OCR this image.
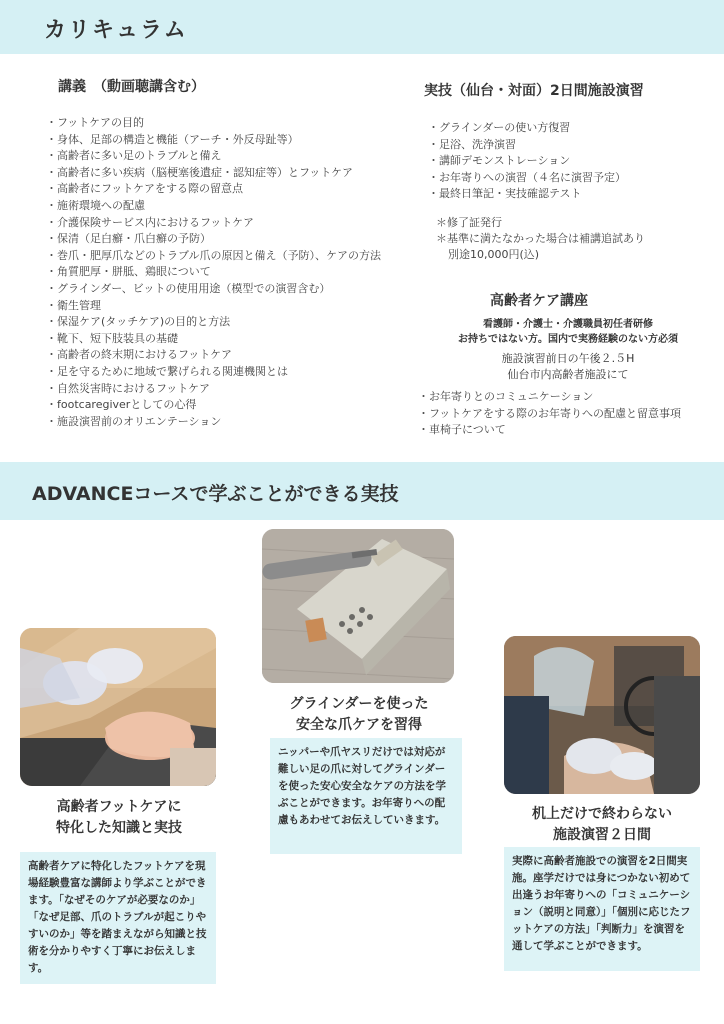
カリキュラム
講義　（動画聴講含む）
・ フットケアの目的
・ 身体、足部の構造と機能（アーチ・外反母趾等）
・ 高齢者に多い足のトラブルと備え
・ 高齢者に多い疾病（脳梗塞後遺症・認知症等）とフットケア
・ 高齢者にフットケアをする際の留意点
・ 施術環境への配慮
・ 介護保険サービス内におけるフットケア
・ 保清（足白癬・爪白癬の予防）
・ 巻爪・肥厚爪などのトラブル爪の原因と備え（予防）、ケアの方法
・ 角質肥厚・胼胝、鶏眼について
・ グラインダー、ビットの使用用途（模型での演習含む）
・ 衛生管理
・ 保湿ケア(タッチケア)の目的と方法
・ 靴下、短下肢装具の基礎
・ 高齢者の終末期におけるフットケア
・ 足を守るために地域で繋げられる関連機関とは
・ 自然災害時におけるフットケア
・ footcaregiverとしての心得
・ 施設演習前のオリエンテーション
実技（仙台・対面）2日間施設演習
・ グラインダーの使い方復習
・ 足浴、洗浄演習
・ 講師デモンストレーション
・ お年寄りへの演習（４名に演習予定）
・ 最終日筆記・実技確認テスト
＊修了証発行
＊基準に満たなかった場合は補講追試あり
別途10,000円(込)
高齢者ケア講座
看護師・介護士・介護職員初任者研修
お持ちではない方。国内で実務経験のない方必須
施設演習前日の午後２.５H
仙台市内高齢者施設にて
・ お年寄りとのコミュニケーション
・ フットケアをする際のお年寄りへの配慮と留意事項
・ 車椅子について
ADVANCEコースで学ぶことができる実技
高齢者フットケアに
特化した知識と実技
グラインダーを使った
安全な爪ケアを習得
机上だけで終わらない
施設演習２日間
高齢者ケアに特化したフットケアを現場経験豊富な講師より学ぶことができます。「なぜそのケアが必要なのか」「なぜ足部、爪のトラブルが起こりやすいのか」等を踏まえながら知識と技術を分かりやすく丁寧にお伝えします。
ニッパーや爪ヤスリだけでは対応が難しい足の爪に対してグラインダーを使った安心安全なケアの方法を学ぶことができます。お年寄りへの配慮もあわせてお伝えしていきます。
実際に高齢者施設での演習を2日間実施。座学だけでは身につかない初めて出逢うお年寄りへの「コミュニケーション（説明と同意）」「個別に応じたフットケアの方法」「判断力」を演習を通して学ぶことができます。
